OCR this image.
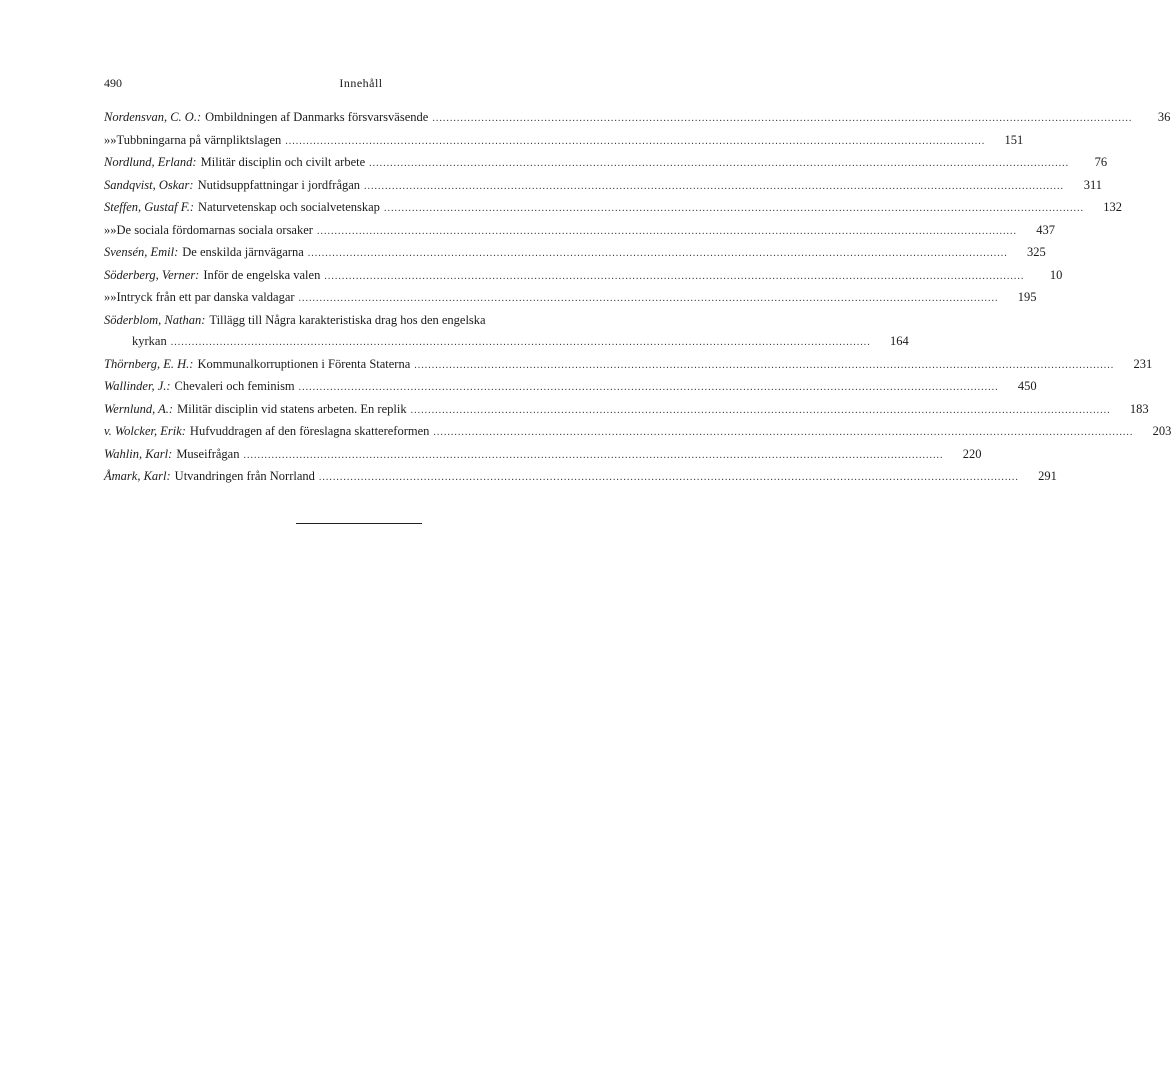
490	Innehåll
Nordensvan, C. O.: Ombildningen af Danmarks försvarsväsende .....	36
» » Tubbningarna på värnpliktslagen .....	151
Nordlund, Erland: Militär disciplin och civilt arbete .....	76
Sandqvist, Oskar: Nutidsuppfattningar i jordfrågan .....	311
Steffen, Gustaf F.: Naturvetenskap och socialvetenskap .....	132
» » De sociala fördomarnas sociala orsaker .....	437
Svensén, Emil: De enskilda järnvägarna .....	325
Söderberg, Verner: Inför de engelska valen .....	10
» » Intryck från ett par danska valdagar .....	195
Söderblom, Nathan: Tillägg till Några karakteristiska drag hos den engelska
kyrkan .....	164
Thörnberg, E. H.: Kommunalkorruptionen i Förenta Staterna .....	231
Wallinder, J.: Chevaleri och feminism .....	450
Wernlund, A.: Militär disciplin vid statens arbeten. En replik .....	183
v. Wolcker, Erik: Hufvuddragen af den föreslagna skattereformen .....	203
Wahlin, Karl: Museifrågan .....	220
Åmark, Karl: Utvandringen från Norrland .....	291
